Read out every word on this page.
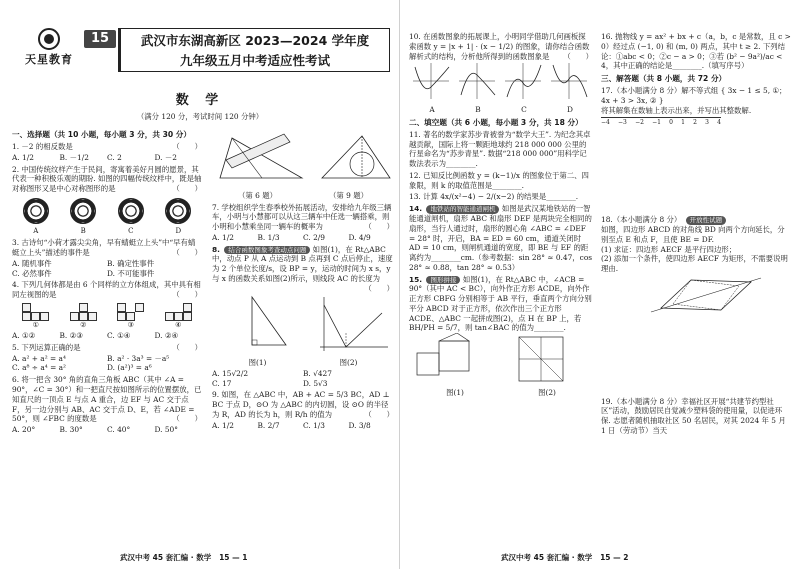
天星教育
15	武汉市东湖高新区 2023—2024 学年度
九年级五月中考适应性考试
数 学
（满分 120 分，考试时间 120 分钟）
一、选择题（共 10 小题，每小题 3 分，共 30 分）
1. －2 的相反数是	（　　）
A. 1/2	B. －1/2	C. 2	D. －2
2. 中国传统纹样产生于民间，寄寓着美好月圆的愿景，其代表一种积极乐观的期盼. 如图的四幅传统纹样中，既是轴对称图形又是中心对称图形的是	（　　）

A	B	C	D
3. 古诗句“小荷才露尖尖角，早有蜻蜓立上头”中“早有蜻蜓立上头”描述的事件是	（　　）
A. 随机事件	B. 确定性事件
C. 必然事件	D. 不可能事件
4. 下列几何体都是由 6 个同样的立方体组成，其中具有相同左视图的是	（　　）

①	②	③	④
A. ①②	B. ②③	C. ①④	D. ②④
5. 下列运算正确的是	（　　）
A. a² + a² = a⁴	B. a² · 3a³ = －a⁵
C. a⁸ ÷ a⁴ = a²	D. (a²)³ = a⁶
6. 将一把含 30° 角的直角三角板 ABC（其中 ∠A = 90°，∠C = 30°）和一把直尺按如图所示的位置摆放，已知直尺的一顶点 E 与点 A 重合，边 EF 与 AC 交于点 F，另一边分别与 AB、AC 交于点 D、E，若 ∠ADE = 50°，则 ∠FBC 的度数是	（　　）
A. 20°	B. 30°	C. 40°	D. 50°
（第 6 题）	（第 9 题）
7. 学校组织学生春季校外拓展活动，安排给九年级三辆车，小明与小慧都可以从这三辆车中任选一辆搭乘，则小明和小慧乘坐同一辆车的概率为	（　　）
A. 1/2	B. 1/3	C. 2/9	D. 4/9
8. 结合函数图象考查动点问题 如图(1)，在 Rt△ABC 中，动点 P 从 A 点运动到 B 点再到 C 点后停止，速度为 2 个单位长度/s，设 BP = y，运动的时间为 x s，y 与 x 的函数关系如图(2)所示，则线段 AC 的长度为
（　　）
图(1)	图(2)
A. 15√2/2	B. √427
C. 17	D. 5√3
9. 如图，在 △ABC 中，AB + AC = 5/3 BC，AD ⊥ BC 于点 D，⊙O 为 △ABC 的内切圆，设 ⊙O 的半径为 R，AD 的长为 h，则 R/h 的值为	（　　）
A. 1/2	B. 2/7	C. 1/3	D. 3/8
武汉中考 45 套汇编 · 数学 15 — 1
10. 在函数图象的拓展课上，小明同学借助几何画板探索函数 y = |x + 1| · (x − 1/2) 的图象，请你结合函数解析式的结构，分析他所得到的函数图象是 （　　）
A	B	C	D
二、填空题（共 6 小题，每小题 3 分，共 18 分）
11. 著名的数学家苏步青被誉为“数学大王”. 为纪念其卓越贡献，国际上将一颗距地球约 218 000 000 公里的行星命名为“苏步青星”. 数据“218 000 000”用科学记数法表示为________.
12. 已知反比例函数 y = (k−1)/x 的图象位于第二、四象限，则 k 的取值范围是________.
13. 计算 4x/(x²−4) − 2/(x−2) 的结果是________.
14. 地铁站的智能通道闸机 如图是武汉某地铁站的一智能通道闸机，扇形 ABC 和扇形 DEF 是两块完全相同的扇形，当行人通过时，扇形的圆心角 ∠ABC = ∠DEF = 28° 时，开启，BA = ED = 60 cm，通道关闭时 AD = 10 cm，则闸机通道的宽度，即 BE 与 EF 的距离约为________cm.（参考数据：sin 28° ≈ 0.47，cos 28° ≈ 0.88，tan 28° ≈ 0.53）
15. 图形拼接 如图(1)，在 Rt△ABC 中，∠ACB = 90°（其中 AC < BC），向外作正方形 ACDE，向外作正方形 CBFG 分别相等于 AB 平行，垂直两个方向分别平分 ABCD 对于正方形，依次作出三个正方形 ACDE、△ABC 一起拼成图(2)，点 H 在 BP 上，若 BH/PH = 5/7，则 tan∠BAC 的值为________.
图(1)	图(2)
16. 抛物线 y = ax² + bx + c（a，b，c 是常数，且 c > 0）经过点 (−1, 0) 和 (m, 0) 两点，其中 t ≥ 2. 下列结论：①abc < 0；②c − a > 0；③若 (b² − 9a²)/ac < 4，其中正确的结论是________.（填写序号）
三、解答题（共 8 小题，共 72 分）
17.（本小题满分 8 分）解不等式组 { 3x − 1 ≤ 5, ①；4x + 3 > 3x, ② }
将其解集在数轴上表示出来，并写出其整数解.
−4 −3 −2 −1 0 1 2 3 4
18.（本小题满分 8 分） 开放性试题
如图，四边形 ABCD 的对角线 BD 向两个方向延长，分别至点 E 和点 F，且使 BE = DF.
(1) 求证：四边形 AECF 是平行四边形；
(2) 添加一个条件，使四边形 AECF 为矩形，不需要说明理由.
19.（本小题满分 8 分）幸福社区开展“共建节约型社区”活动，鼓励居民自觉减少塑料袋的使用量，以促进环保. 志愿者随机抽取社区 50 名居民，对其 2024 年 5 月 1 日（劳动节）当天
武汉中考 45 套汇编 · 数学 15 — 2
